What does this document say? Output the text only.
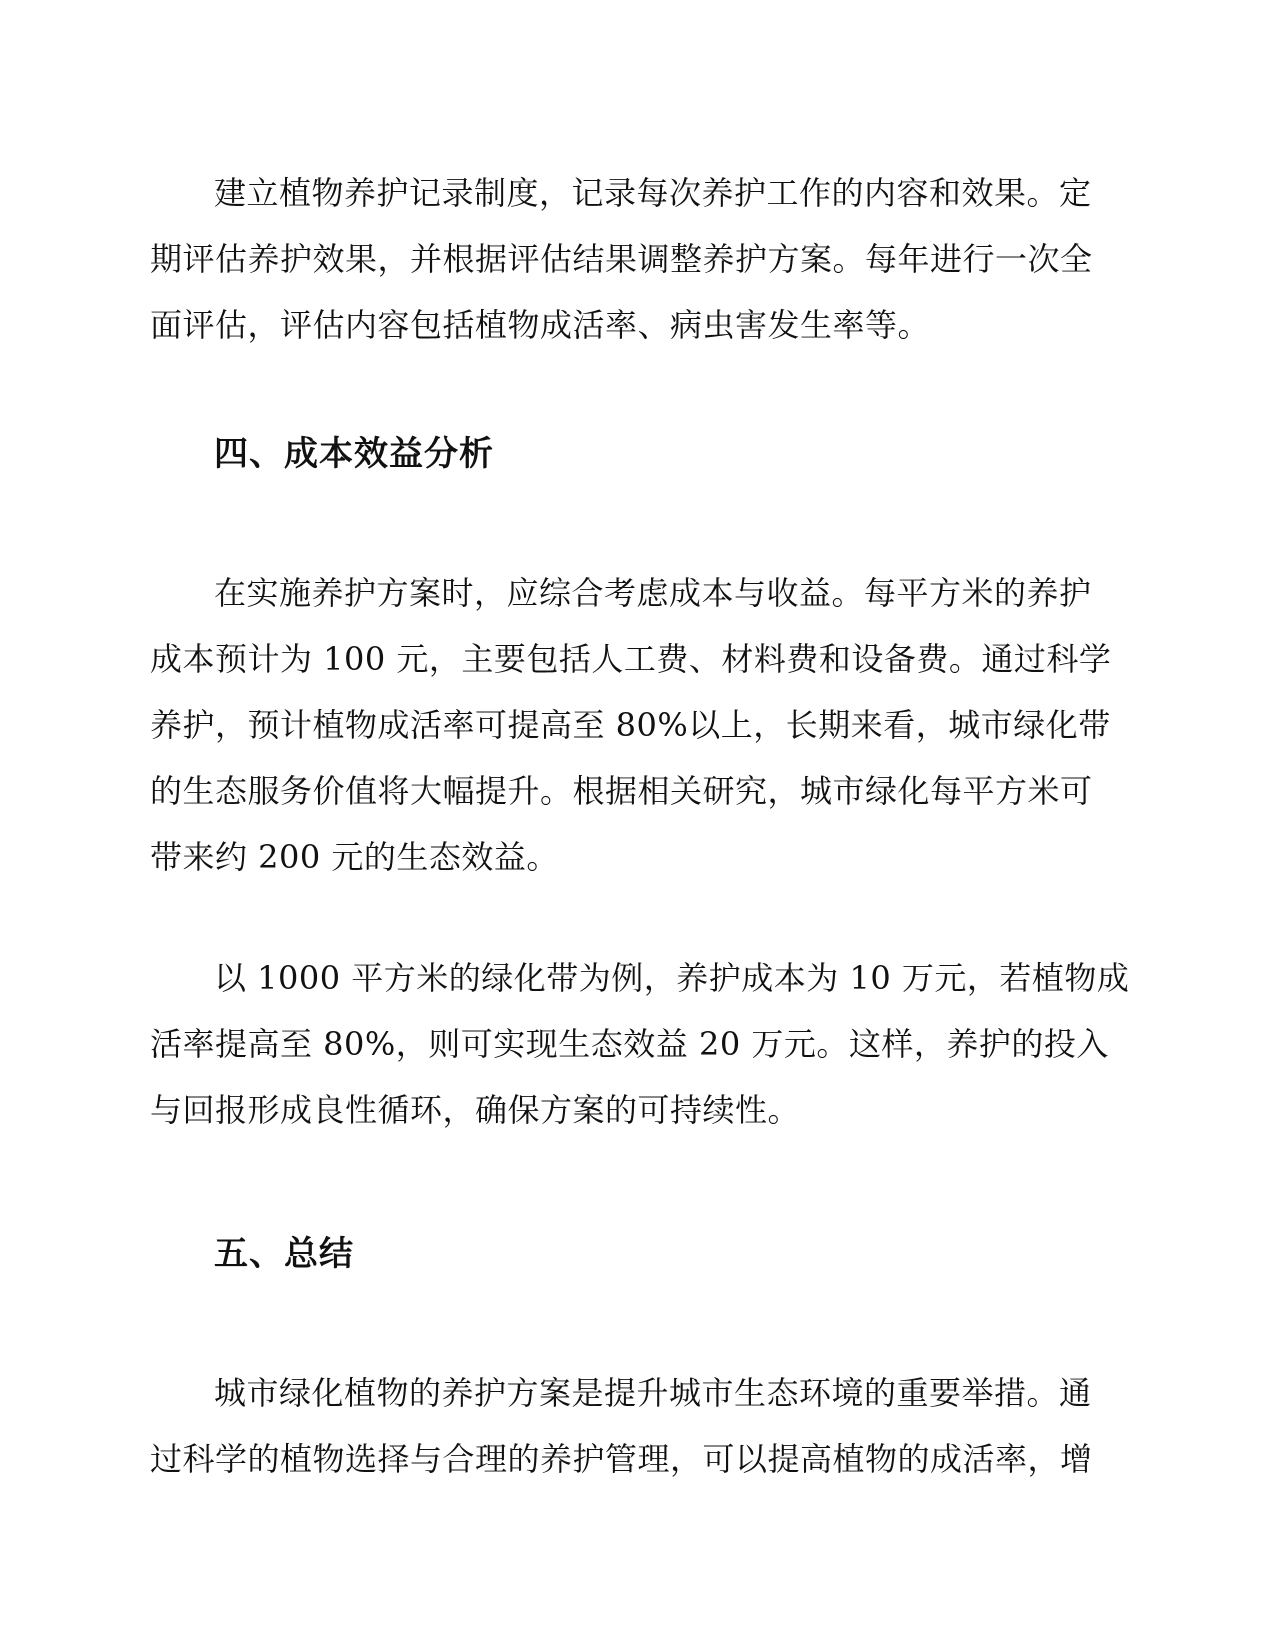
建立植物养护记录制度，记录每次养护工作的内容和效果。定
期评估养护效果，并根据评估结果调整养护方案。每年进行一次全
面评估，评估内容包括植物成活率、病虫害发生率等。

四、成本效益分析

在实施养护方案时，应综合考虑成本与收益。每平方米的养护
成本预计为 100 元，主要包括人工费、材料费和设备费。通过科学
养护，预计植物成活率可提高至 80%以上，长期来看，城市绿化带
的生态服务价值将大幅提升。根据相关研究，城市绿化每平方米可
带来约 200 元的生态效益。

以 1000 平方米的绿化带为例，养护成本为 10 万元，若植物成
活率提高至 80%，则可实现生态效益 20 万元。这样，养护的投入
与回报形成良性循环，确保方案的可持续性。

五、总结

城市绿化植物的养护方案是提升城市生态环境的重要举措。通
过科学的植物选择与合理的养护管理，可以提高植物的成活率，增
